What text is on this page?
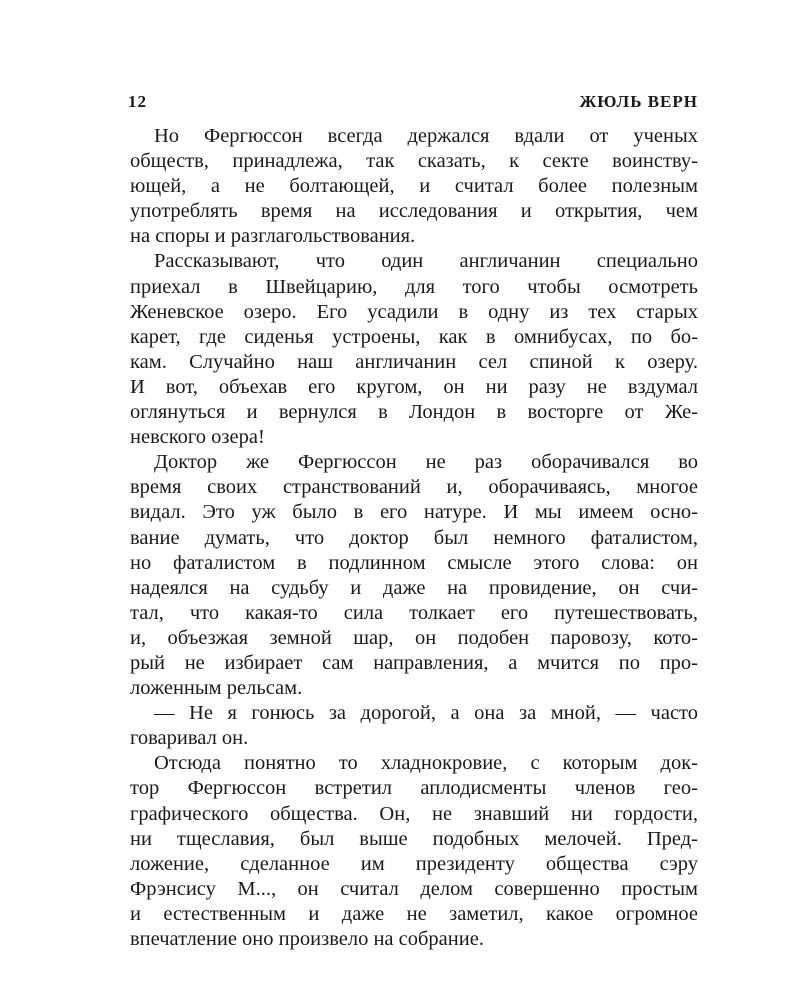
12	ЖЮЛЬ ВЕРН
Но Фергюссон всегда держался вдали от ученых
обществ, принадлежа, так сказать, к секте воинству-
ющей, а не болтающей, и считал более полезным
употреблять время на исследования и открытия, чем
на споры и разглагольствования.
Рассказывают, что один англичанин специально
приехал в Швейцарию, для того чтобы осмотреть
Женевское озеро. Его усадили в одну из тех старых
карет, где сиденья устроены, как в омнибусах, по бо-
кам. Случайно наш англичанин сел спиной к озеру.
И вот, объехав его кругом, он ни разу не вздумал
оглянуться и вернулся в Лондон в восторге от Же-
невского озера!
Доктор же Фергюссон не раз оборачивался во
время своих странствований и, оборачиваясь, многое
видал. Это уж было в его натуре. И мы имеем осно-
вание думать, что доктор был немного фаталистом,
но фаталистом в подлинном смысле этого слова: он
надеялся на судьбу и даже на провидение, он счи-
тал, что какая-то сила толкает его путешествовать,
и, объезжая земной шар, он подобен паровозу, кото-
рый не избирает сам направления, а мчится по про-
ложенным рельсам.
— Не я гонюсь за дорогой, а она за мной, — часто
говаривал он.
Отсюда понятно то хладнокровие, с которым док-
тор Фергюссон встретил аплодисменты членов гео-
графического общества. Он, не знавший ни гордости,
ни тщеславия, был выше подобных мелочей. Пред-
ложение, сделанное им президенту общества сэру
Фрэнсису М..., он считал делом совершенно простым
и естественным и даже не заметил, какое огромное
впечатление оно произвело на собрание.
